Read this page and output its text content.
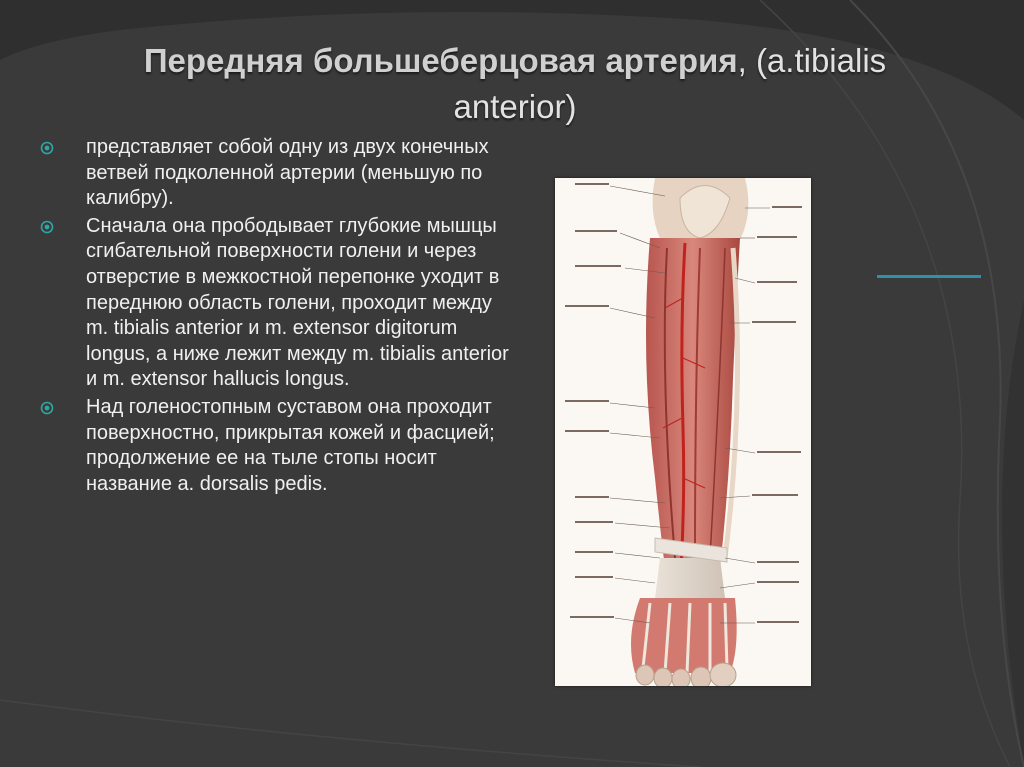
Передняя большеберцовая артерия, (a.tibialis anterior)
представляет собой одну из двух конечных ветвей подколенной артерии (меньшую по калибру).
Сначала она прободывает глубокие мышцы сгибательной поверхности голени и через отверстие в межкостной перепонке уходит в переднюю область голени, проходит между m. tibialis anterior и m. extensor digitorum longus, а ниже лежит между m. tibialis anterior и m. extensor hallucis longus.
Над голеностопным суставом она проходит поверхностно, прикрытая кожей и фасцией; продолжение ее на тыле стопы носит название a. dorsalis pedis.
